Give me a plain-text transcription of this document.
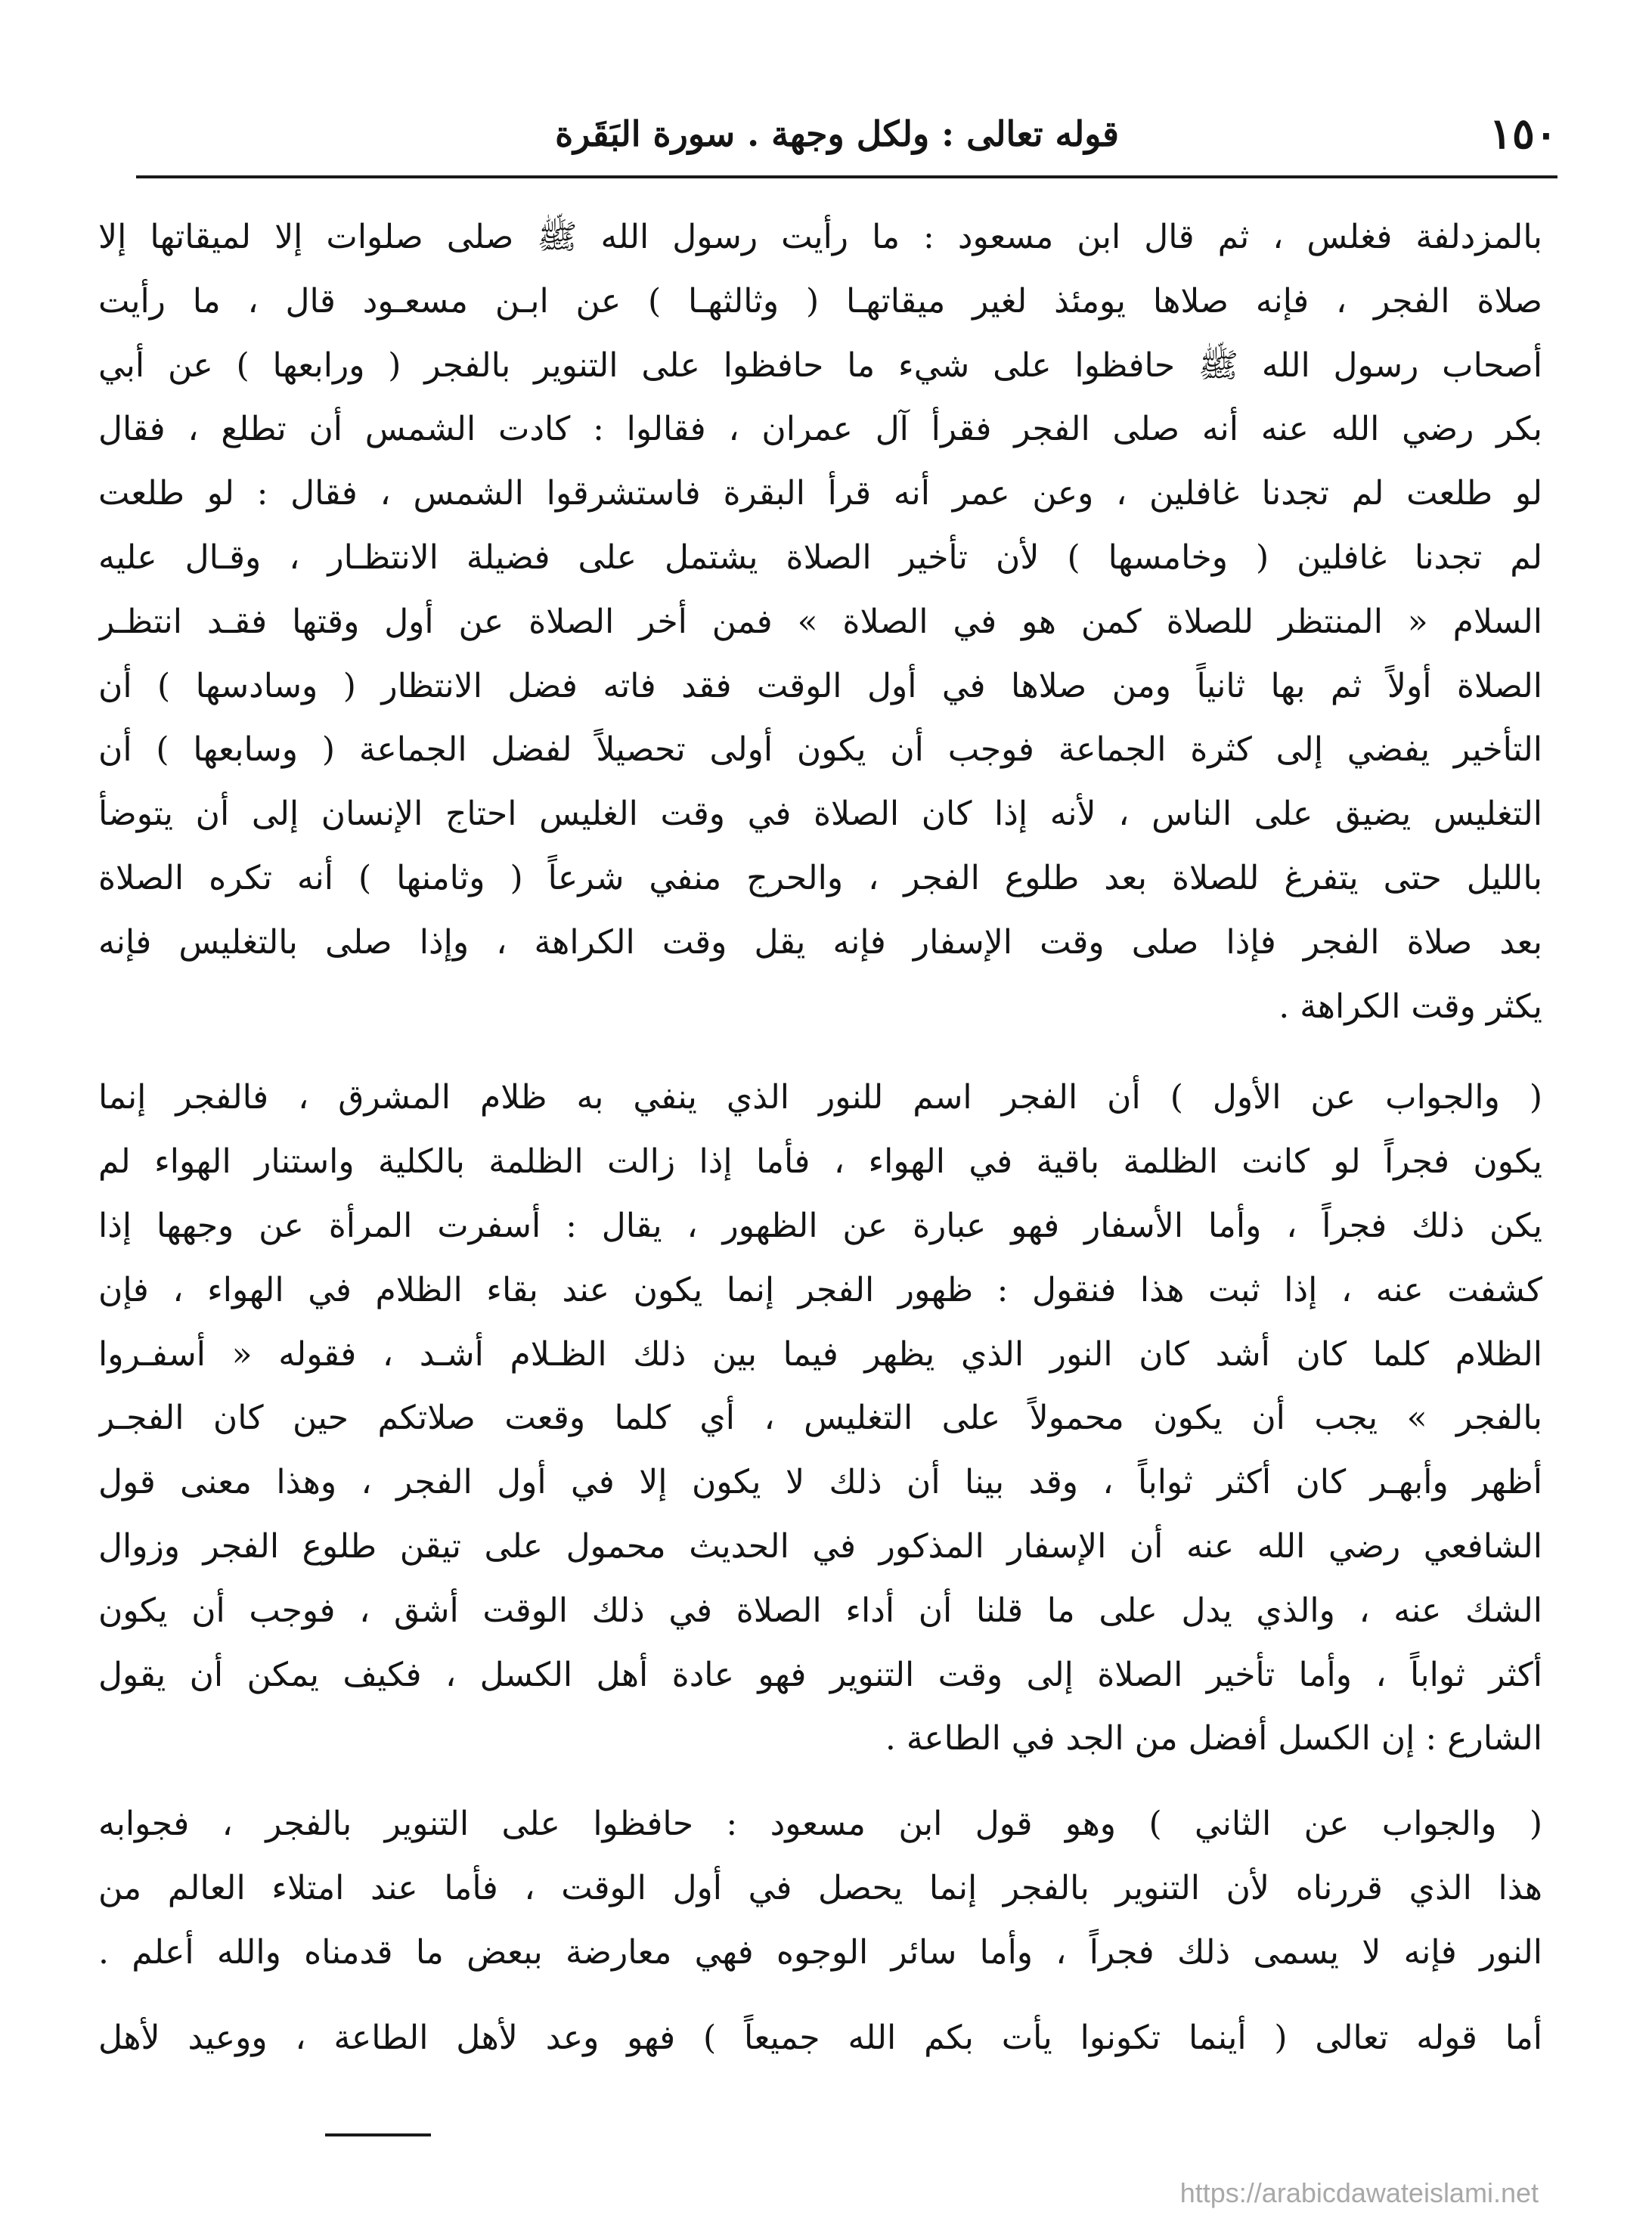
١٥٠
قوله تعالى : ولكل وجهة . سورة البَقَرة
بالمزدلفة فغلس ، ثم قال ابن مسعود : ما رأيت رسول الله ﷺ صلى صلوات إلا لميقاتها إلا
صلاة الفجر ، فإنه صلاها يومئذ لغير ميقاتهـا ( وثالثهـا ) عن ابـن مسعـود قال ، ما رأيت
أصحاب رسول الله ﷺ حافظوا على شيء ما حافظوا على التنوير بالفجر ( ورابعها ) عن أبي
بكر رضي الله عنه أنه صلى الفجر فقرأ آل عمران ، فقالوا : كادت الشمس أن تطلع ، فقال
لو طلعت لم تجدنا غافلين ، وعن عمر أنه قرأ البقرة فاستشرقوا الشمس ، فقال : لو طلعت
لم تجدنا غافلين ( وخامسها ) لأن تأخير الصلاة يشتمل على فضيلة الانتظـار ، وقـال عليه
السلام « المنتظر للصلاة كمن هو في الصلاة » فمن أخر الصلاة عن أول وقتها فقـد انتظـر
الصلاة أولاً ثم بها ثانياً ومن صلاها في أول الوقت فقد فاته فضل الانتظار ( وسادسها ) أن
التأخير يفضي إلى كثرة الجماعة فوجب أن يكون أولى تحصيلاً لفضل الجماعة ( وسابعها ) أن
التغليس يضيق على الناس ، لأنه إذا كان الصلاة في وقت الغليس احتاج الإنسان إلى أن يتوضأ
بالليل حتى يتفرغ للصلاة بعد طلوع الفجر ، والحرج منفي شرعاً ( وثامنها ) أنه تكره الصلاة
بعد صلاة الفجر فإذا صلى وقت الإسفار فإنه يقل وقت الكراهة ، وإذا صلى بالتغليس فإنه
يكثر وقت الكراهة .
( والجواب عن الأول ) أن الفجر اسم للنور الذي ينفي به ظلام المشرق ، فالفجر إنما
يكون فجراً لو كانت الظلمة باقية في الهواء ، فأما إذا زالت الظلمة بالكلية واستنار الهواء لم
يكن ذلك فجراً ، وأما الأسفار فهو عبارة عن الظهور ، يقال : أسفرت المرأة عن وجهها إذا
كشفت عنه ، إذا ثبت هذا فنقول : ظهور الفجر إنما يكون عند بقاء الظلام في الهواء ، فإن
الظلام كلما كان أشد كان النور الذي يظهر فيما بين ذلك الظـلام أشـد ، فقوله « أسفـروا
بالفجر » يجب أن يكون محمولاً على التغليس ، أي كلما وقعت صلاتكم حين كان الفجـر
أظهر وأبهـر كان أكثر ثواباً ، وقد بينا أن ذلك لا يكون إلا في أول الفجر ، وهذا معنى قول
الشافعي رضي الله عنه أن الإسفار المذكور في الحديث محمول على تيقن طلوع الفجر وزوال
الشك عنه ، والذي يدل على ما قلنا أن أداء الصلاة في ذلك الوقت أشق ، فوجب أن يكون
أكثر ثواباً ، وأما تأخير الصلاة إلى وقت التنوير فهو عادة أهل الكسل ، فكيف يمكن أن يقول
الشارع : إن الكسل أفضل من الجد في الطاعة .
( والجواب عن الثاني ) وهو قول ابن مسعود : حافظوا على التنوير بالفجر ، فجوابه
هذا الذي قررناه لأن التنوير بالفجر إنما يحصل في أول الوقت ، فأما عند امتلاء العالم من
النور فإنه لا يسمى ذلك فجراً ، وأما سائر الوجوه فهي معارضة ببعض ما قدمناه والله أعلم .
أما قوله تعالى ( أينما تكونوا يأت بكم الله جميعاً ) فهو وعد لأهل الطاعة ، ووعيد لأهل
https://arabicdawateislami.net
